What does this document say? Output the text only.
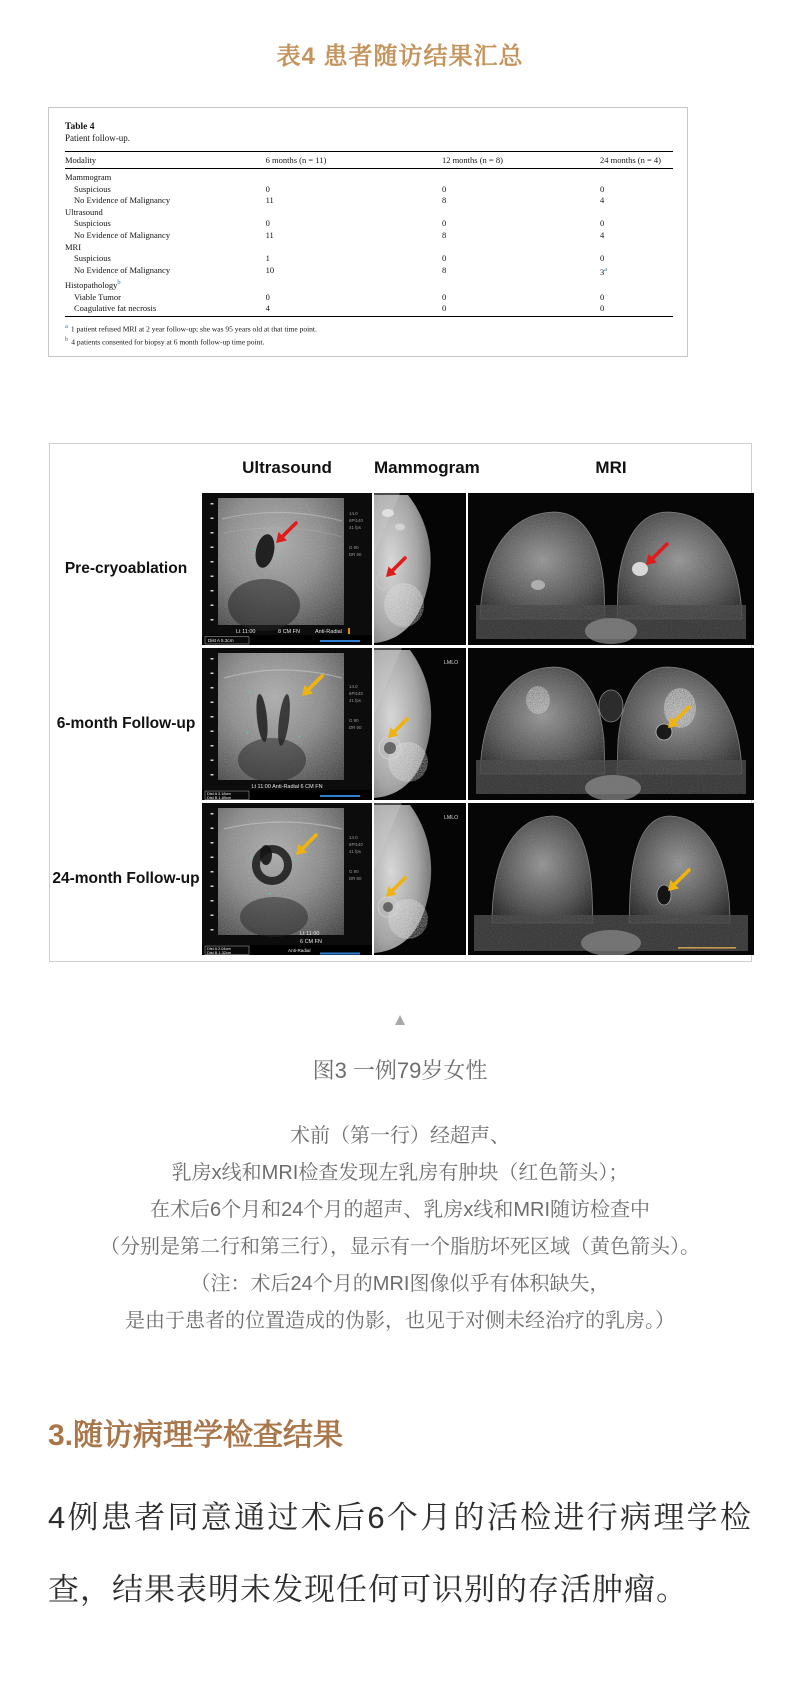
表4 患者随访结果汇总
Table 4
Patient follow-up.
Modality	6 months (n = 11)	12 months (n = 8)	24 months (n = 4)
Mammogram			
Suspicious	0	0	0
No Evidence of Malignancy	11	8	4
Ultrasound			
Suspicious	0	0	0
No Evidence of Malignancy	11	8	4
MRI			
Suspicious	1	0	0
No Evidence of Malignancy	10	8	3$^a$
Histopathology$^b$			
Viable Tumor	0	0	0
Coagulative fat necrosis	4	0	0
$^a$ 1 patient refused MRI at 2 year follow-up; she was 95 years old at that time point.
$^b$ 4 patients consented for biopsy at 6 month follow-up time point.
Ultrasound	Mammogram	MRI
Pre-cryoablation
+
+
14.0
6PI140
41 fps
G 90
DR 60
Lt 11:00	8 CM FN	Anti-Radial
Dist A 5.3cm
6-month Follow-up
+
+
+
14.0
6PI140
41 fps
G 90
DR 60
Lt 11:00 Anti-Radial 6 CM FN
Dist A 3.18cm
Dist B 1.89cm
LMLO
24-month Follow-up
+	+
+
14.0
6PI140
41 fps
G 90
DR 60
Lt 11:00
6 CM FN
Dist A 2.04cm
Dist B 1.32cm	Anti-Radial
LMLO
▲
图3 一例79岁女性
术前（第一行）经超声、
乳房x线和MRI检查发现左乳房有肿块（红色箭头）；
在术后6个月和24个月的超声、乳房x线和MRI随访检查中
（分别是第二行和第三行），显示有一个脂肪坏死区域（黄色箭头）。
（注：术后24个月的MRI图像似乎有体积缺失，
是由于患者的位置造成的伪影，也见于对侧未经治疗的乳房。）
3.随访病理学检查结果
4例患者同意通过术后6个月的活检进行病理学检查，结果表明未发现任何可识别的存活肿瘤。
